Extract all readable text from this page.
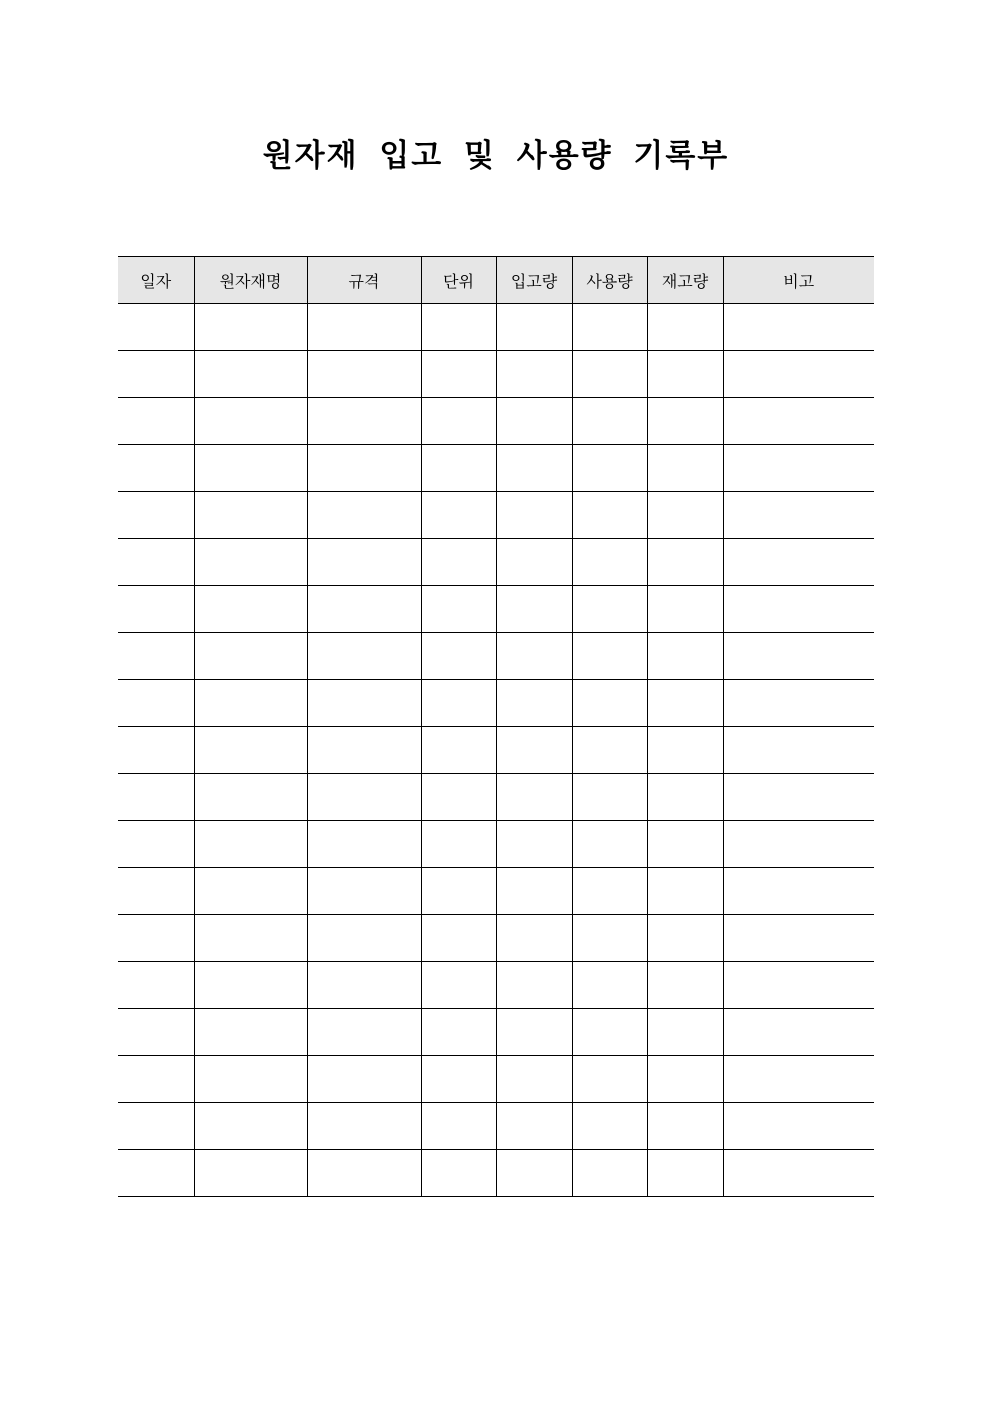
원자재 입고 및 사용량 기록부
일자	원자재명	규격	단위	입고량	사용량	재고량	비고
